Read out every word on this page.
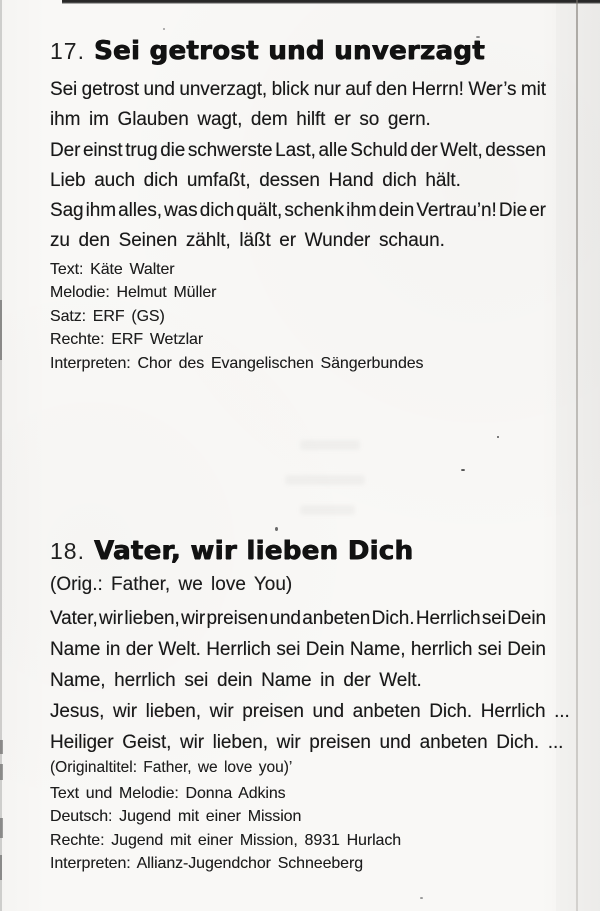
17. Sei getrost und unverzagt
Sei getrost und unverzagt, blick nur auf den Herrn! Wer’s mit
ihm im Glauben wagt, dem hilft er so gern.
Der einst trug die schwerste Last, alle Schuld der Welt, dessen
Lieb auch dich umfaßt, dessen Hand dich hält.
Sag ihm alles, was dich quält, schenk ihm dein Vertrau’n! Die er
zu den Seinen zählt, läßt er Wunder schaun.
Text: Käte Walter
Melodie: Helmut Müller
Satz: ERF (GS)
Rechte: ERF Wetzlar
Interpreten: Chor des Evangelischen Sängerbundes
18. Vater, wir lieben Dich
(Orig.: Father, we love You)
Vater, wir lieben, wir preisen und anbeten Dich. Herrlich sei Dein
Name in der Welt. Herrlich sei Dein Name, herrlich sei Dein
Name, herrlich sei dein Name in der Welt.
Jesus, wir lieben, wir preisen und anbeten Dich. Herrlich ...
Heiliger Geist, wir lieben, wir preisen und anbeten Dich. ...
(Originaltitel: Father, we love you)’
Text und Melodie: Donna Adkins
Deutsch: Jugend mit einer Mission
Rechte: Jugend mit einer Mission, 8931 Hurlach
Interpreten: Allianz-Jugendchor Schneeberg
